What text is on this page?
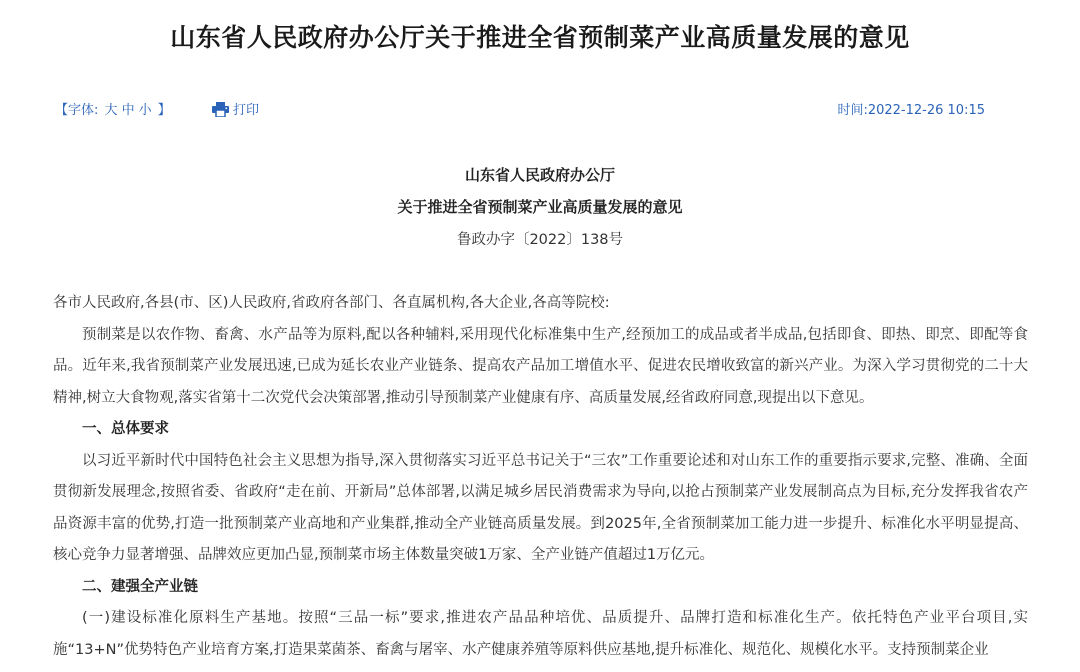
山东省人民政府办公厅关于推进全省预制菜产业高质量发展的意见
【字体: 大 中 小 】	打印	时间:2022-12-26 10:15
山东省人民政府办公厅
关于推进全省预制菜产业高质量发展的意见
鲁政办字〔2022〕138号

各市人民政府,各县(市、区)人民政府,省政府各部门、各直属机构,各大企业,各高等院校:

预制菜是以农作物、畜禽、水产品等为原料,配以各种辅料,采用现代化标准集中生产,经预加工的成品或者半成品,包括即食、即热、即烹、即配等食品。近年来,我省预制菜产业发展迅速,已成为延长农业产业链条、提高农产品加工增值水平、促进农民增收致富的新兴产业。为深入学习贯彻党的二十大精神,树立大食物观,落实省第十二次党代会决策部署,推动引导预制菜产业健康有序、高质量发展,经省政府同意,现提出以下意见。

一、总体要求

以习近平新时代中国特色社会主义思想为指导,深入贯彻落实习近平总书记关于“三农”工作重要论述和对山东工作的重要指示要求,完整、准确、全面贯彻新发展理念,按照省委、省政府“走在前、开新局”总体部署,以满足城乡居民消费需求为导向,以抢占预制菜产业发展制高点为目标,充分发挥我省农产品资源丰富的优势,打造一批预制菜产业高地和产业集群,推动全产业链高质量发展。到2025年,全省预制菜加工能力进一步提升、标准化水平明显提高、核心竞争力显著增强、品牌效应更加凸显,预制菜市场主体数量突破1万家、全产业链产值超过1万亿元。

二、建强全产业链

(一)建设标准化原料生产基地。按照“三品一标”要求,推进农产品品种培优、品质提升、品牌打造和标准化生产。依托特色产业平台项目,实施“13+N”优势特色产业培育方案,打造果菜菌茶、畜禽与屠宰、水产健康养殖等原料供应基地,提升标准化、规范化、规模化水平。支持预制菜企业
